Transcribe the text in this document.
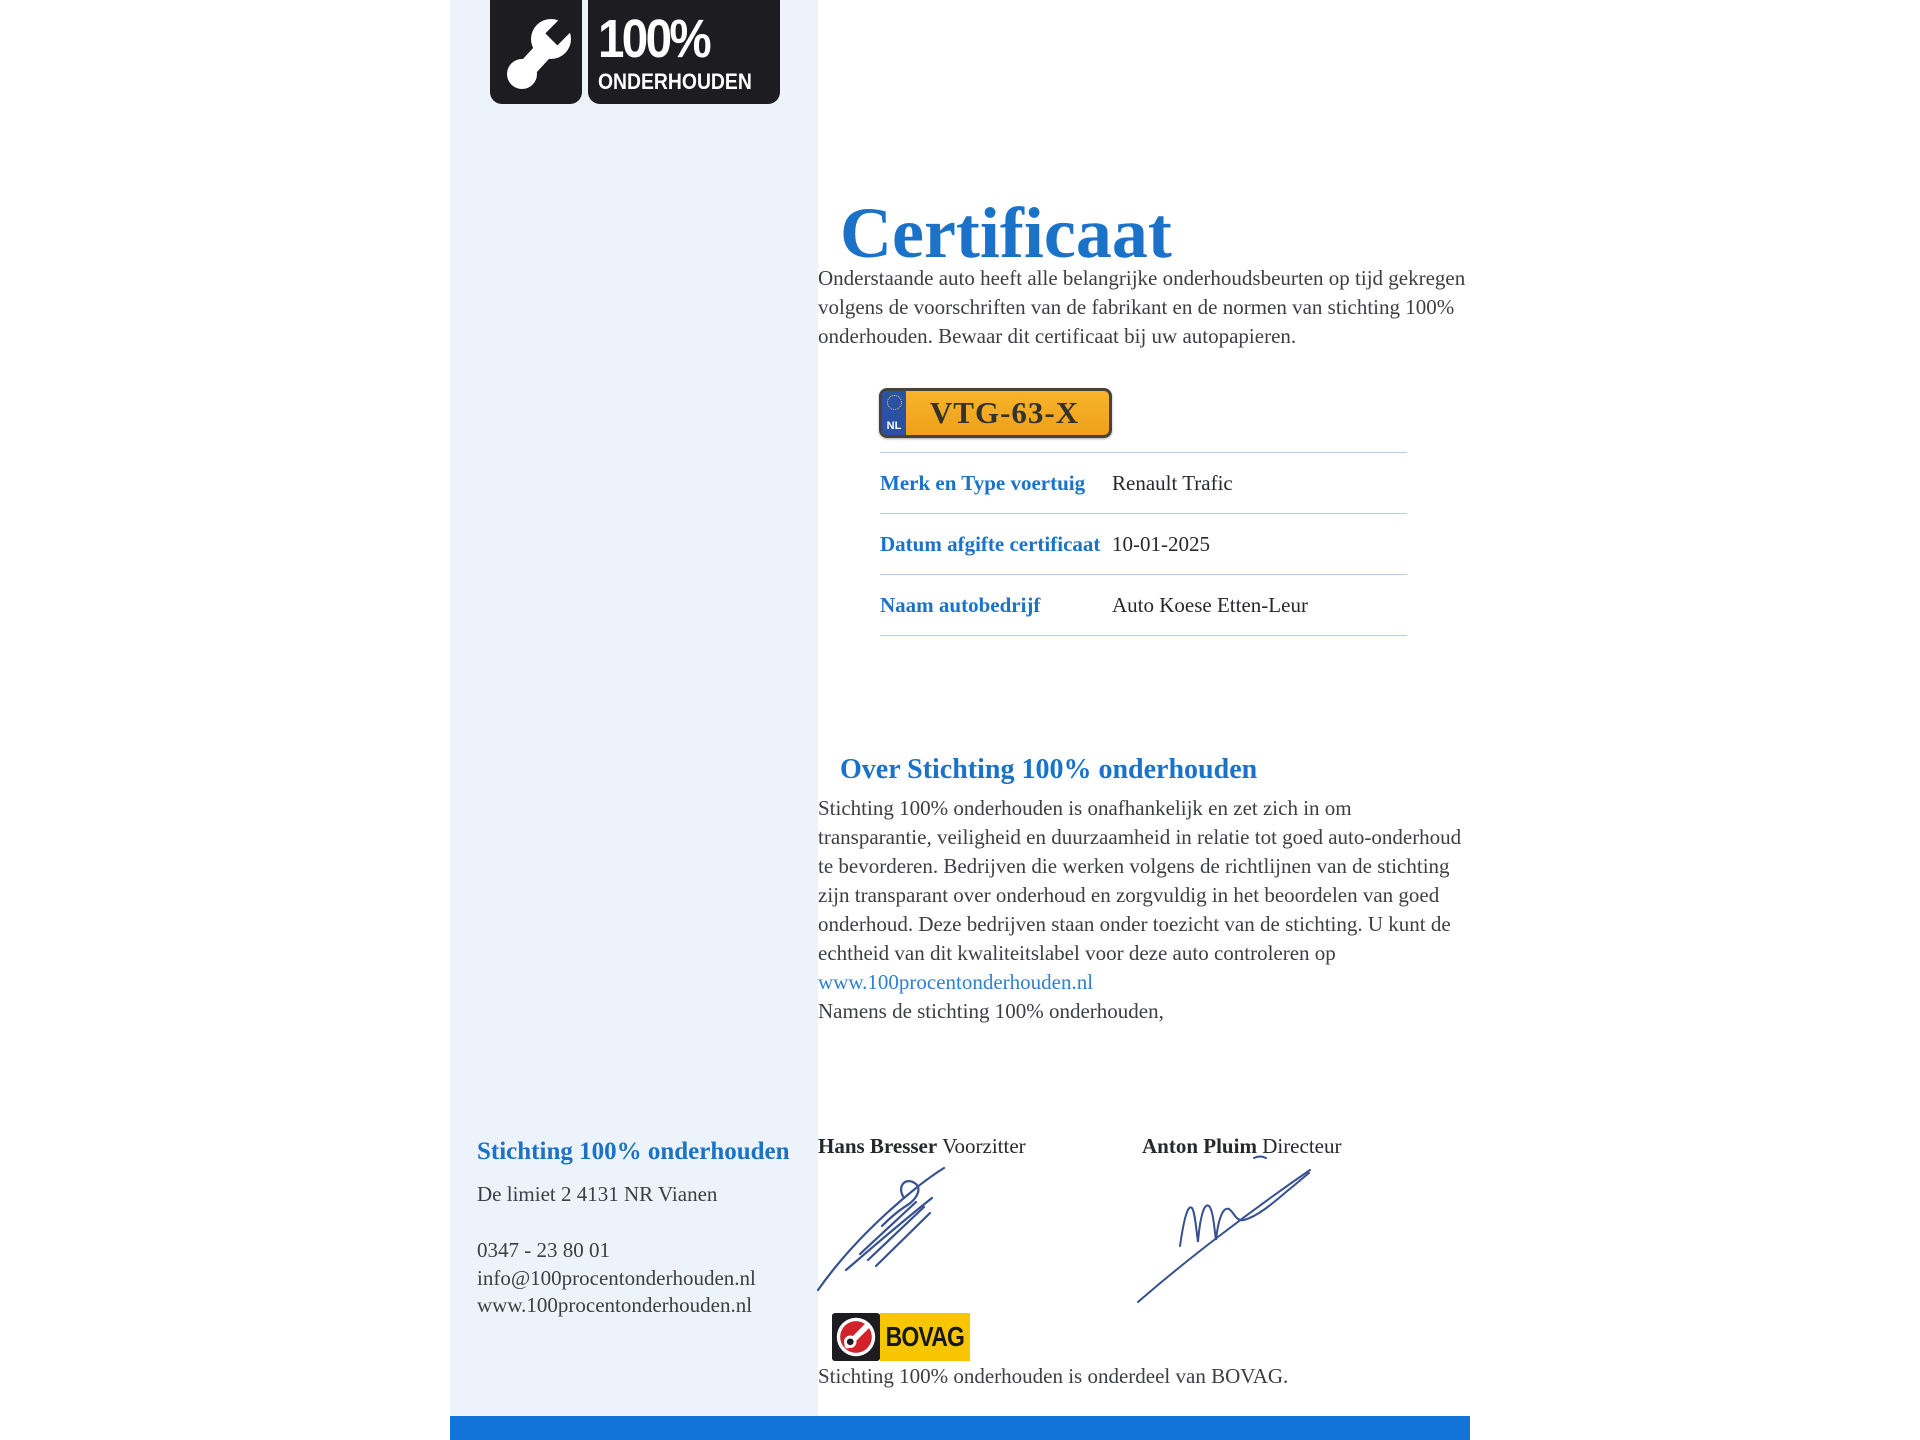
100%
ONDERHOUDEN
Certificaat

Onderstaande auto heeft alle belangrijke onderhoudsbeurten op tijd gekregen volgens de voorschriften van de fabrikant en de normen van stichting 100% onderhouden. Bewaar dit certificaat bij uw autopapieren.

NL VTG-63-X
Merk en Type voertuig	Renault Trafic
Datum afgifte certificaat 10-01-2025
Naam autobedrijf	Auto Koese Etten-Leur
Over Stichting 100% onderhouden

Stichting 100% onderhouden is onafhankelijk en zet zich in om transparantie, veiligheid en duurzaamheid in relatie tot goed auto-onderhoud te bevorderen. Bedrijven die werken volgens de richtlijnen van de stichting zijn transparant over onderhoud en zorgvuldig in het beoordelen van goed onderhoud. Deze bedrijven staan onder toezicht van de stichting. U kunt de echtheid van dit kwaliteitslabel voor deze auto controleren op www.100procentonderhouden.nl
Namens de stichting 100% onderhouden,

Hans Bresser Voorzitter	Anton Pluim Directeur
BOVAG
Stichting 100% onderhouden is onderdeel van BOVAG.
Stichting 100% onderhouden
De limiet 2 4131 NR Vianen
0347 - 23 80 01
info@100procentonderhouden.nl
www.100procentonderhouden.nl
